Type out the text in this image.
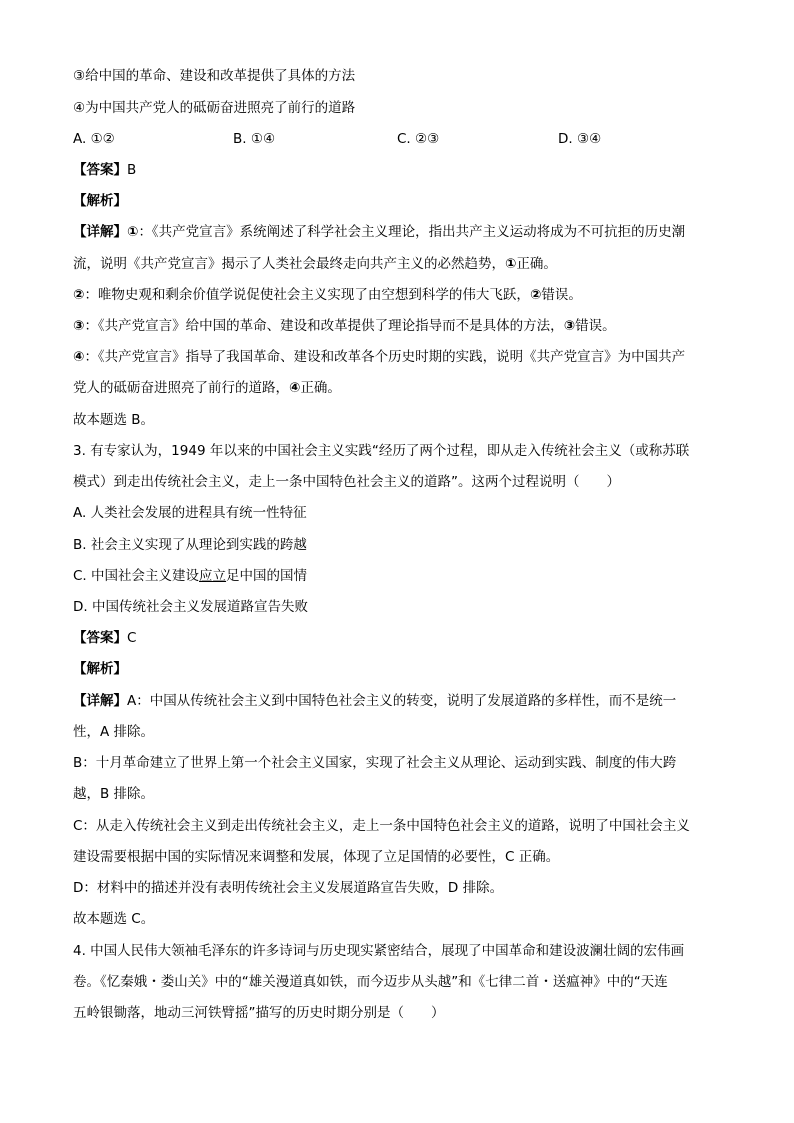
③给中国的革命、建设和改革提供了具体的方法
④为中国共产党人的砥砺奋进照亮了前行的道路
A. ①②	B. ①④	C. ②③	D. ③④
【答案】B
【解析】
【详解】①：《共产党宣言》系统阐述了科学社会主义理论，指出共产主义运动将成为不可抗拒的历史潮
流，说明《共产党宣言》揭示了人类社会最终走向共产主义的必然趋势，①正确。
②：唯物史观和剩余价值学说促使社会主义实现了由空想到科学的伟大飞跃，②错误。
③：《共产党宣言》给中国的革命、建设和改革提供了理论指导而不是具体的方法，③错误。
④：《共产党宣言》指导了我国革命、建设和改革各个历史时期的实践，说明《共产党宣言》为中国共产
党人的砥砺奋进照亮了前行的道路，④正确。
故本题选 B。
3. 有专家认为，1949 年以来的中国社会主义实践“经历了两个过程，即从走入传统社会主义（或称苏联
模式）到走出传统社会主义，走上一条中国特色社会主义的道路”。这两个过程说明（　　）
A. 人类社会发展的进程具有统一性特征
B. 社会主义实现了从理论到实践的跨越
C. 中国社会主义建设应立足中国的国情
D. 中国传统社会主义发展道路宣告失败
【答案】C
【解析】
【详解】A：中国从传统社会主义到中国特色社会主义的转变，说明了发展道路的多样性，而不是统一
性，A 排除。
B：十月革命建立了世界上第一个社会主义国家，实现了社会主义从理论、运动到实践、制度的伟大跨
越，B 排除。
C：从走入传统社会主义到走出传统社会主义，走上一条中国特色社会主义的道路，说明了中国社会主义
建设需要根据中国的实际情况来调整和发展，体现了立足国情的必要性，C 正确。
D：材料中的描述并没有表明传统社会主义发展道路宣告失败，D 排除。
故本题选 C。
4. 中国人民伟大领袖毛泽东的许多诗词与历史现实紧密结合，展现了中国革命和建设波澜壮阔的宏伟画
卷。《忆秦娥・娄山关》中的“雄关漫道真如铁，而今迈步从头越”和《七律二首・送瘟神》中的“天连
五岭银锄落，地动三河铁臂摇”描写的历史时期分别是（　　）
